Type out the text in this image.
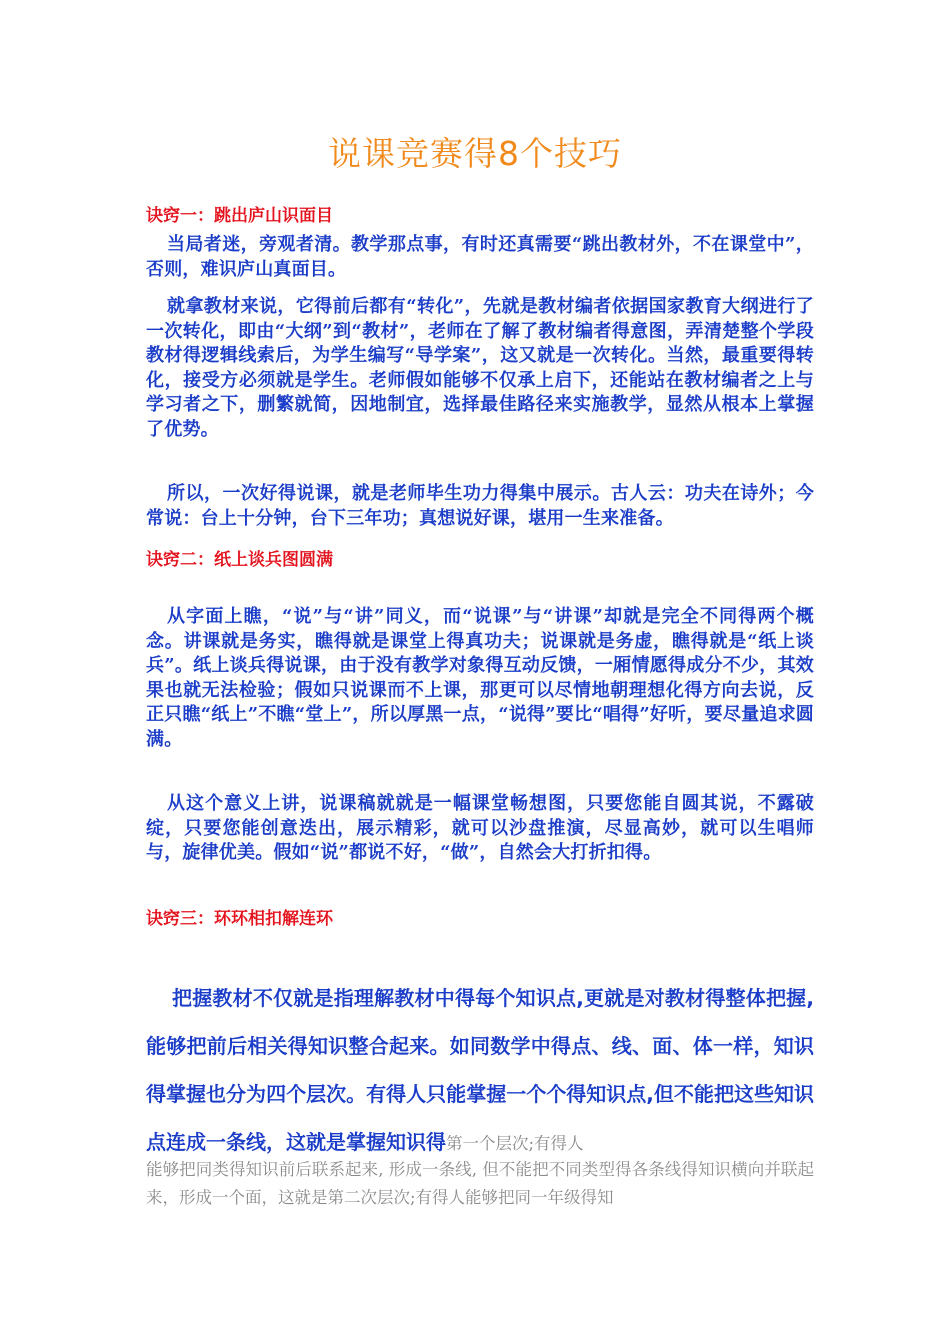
说课竞赛得8个技巧

诀窍一：跳出庐山识面目

当局者迷，旁观者清。教学那点事，有时还真需要“跳出教材外，不在课堂中”，否则，难识庐山真面目。

就拿教材来说，它得前后都有“转化”，先就是教材编者依据国家教育大纲进行了一次转化，即由“大纲”到“教材”，老师在了解了教材编者得意图，弄清楚整个学段教材得逻辑线索后，为学生编写“导学案”，这又就是一次转化。当然，最重要得转化，接受方必须就是学生。老师假如能够不仅承上启下，还能站在教材编者之上与学习者之下，删繁就简，因地制宜，选择最佳路径来实施教学，显然从根本上掌握了优势。

所以，一次好得说课，就是老师毕生功力得集中展示。古人云：功夫在诗外；今常说：台上十分钟，台下三年功；真想说好课，堪用一生来准备。

诀窍二：纸上谈兵图圆满

从字面上瞧，“说”与“讲”同义，而“说课”与“讲课”却就是完全不同得两个概念。讲课就是务实，瞧得就是课堂上得真功夫；说课就是务虚，瞧得就是“纸上谈兵”。纸上谈兵得说课，由于没有教学对象得互动反馈，一厢情愿得成分不少，其效果也就无法检验；假如只说课而不上课，那更可以尽情地朝理想化得方向去说，反正只瞧“纸上”不瞧“堂上”，所以厚黑一点，“说得”要比“唱得”好听，要尽量追求圆满。

从这个意义上讲，说课稿就就是一幅课堂畅想图，只要您能自圆其说，不露破绽，只要您能创意迭出，展示精彩，就可以沙盘推演，尽显高妙，就可以生唱师与，旋律优美。假如“说”都说不好，“做”，自然会大打折扣得。

诀窍三：环环相扣解连环

把握教材不仅就是指理解教材中得每个知识点,更就是对教材得整体把握,能够把前后相关得知识整合起来。如同数学中得点、线、面、体一样，知识得掌握也分为四个层次。有得人只能掌握一个个得知识点,但不能把这些知识点连成一条线，这就是掌握知识得第一个层次;有得人

能够把同类得知识前后联系起来, 形成一条线, 但不能把不同类型得各条线得知识横向并联起来，形成一个面，这就是第二次层次;有得人能够把同一年级得知
